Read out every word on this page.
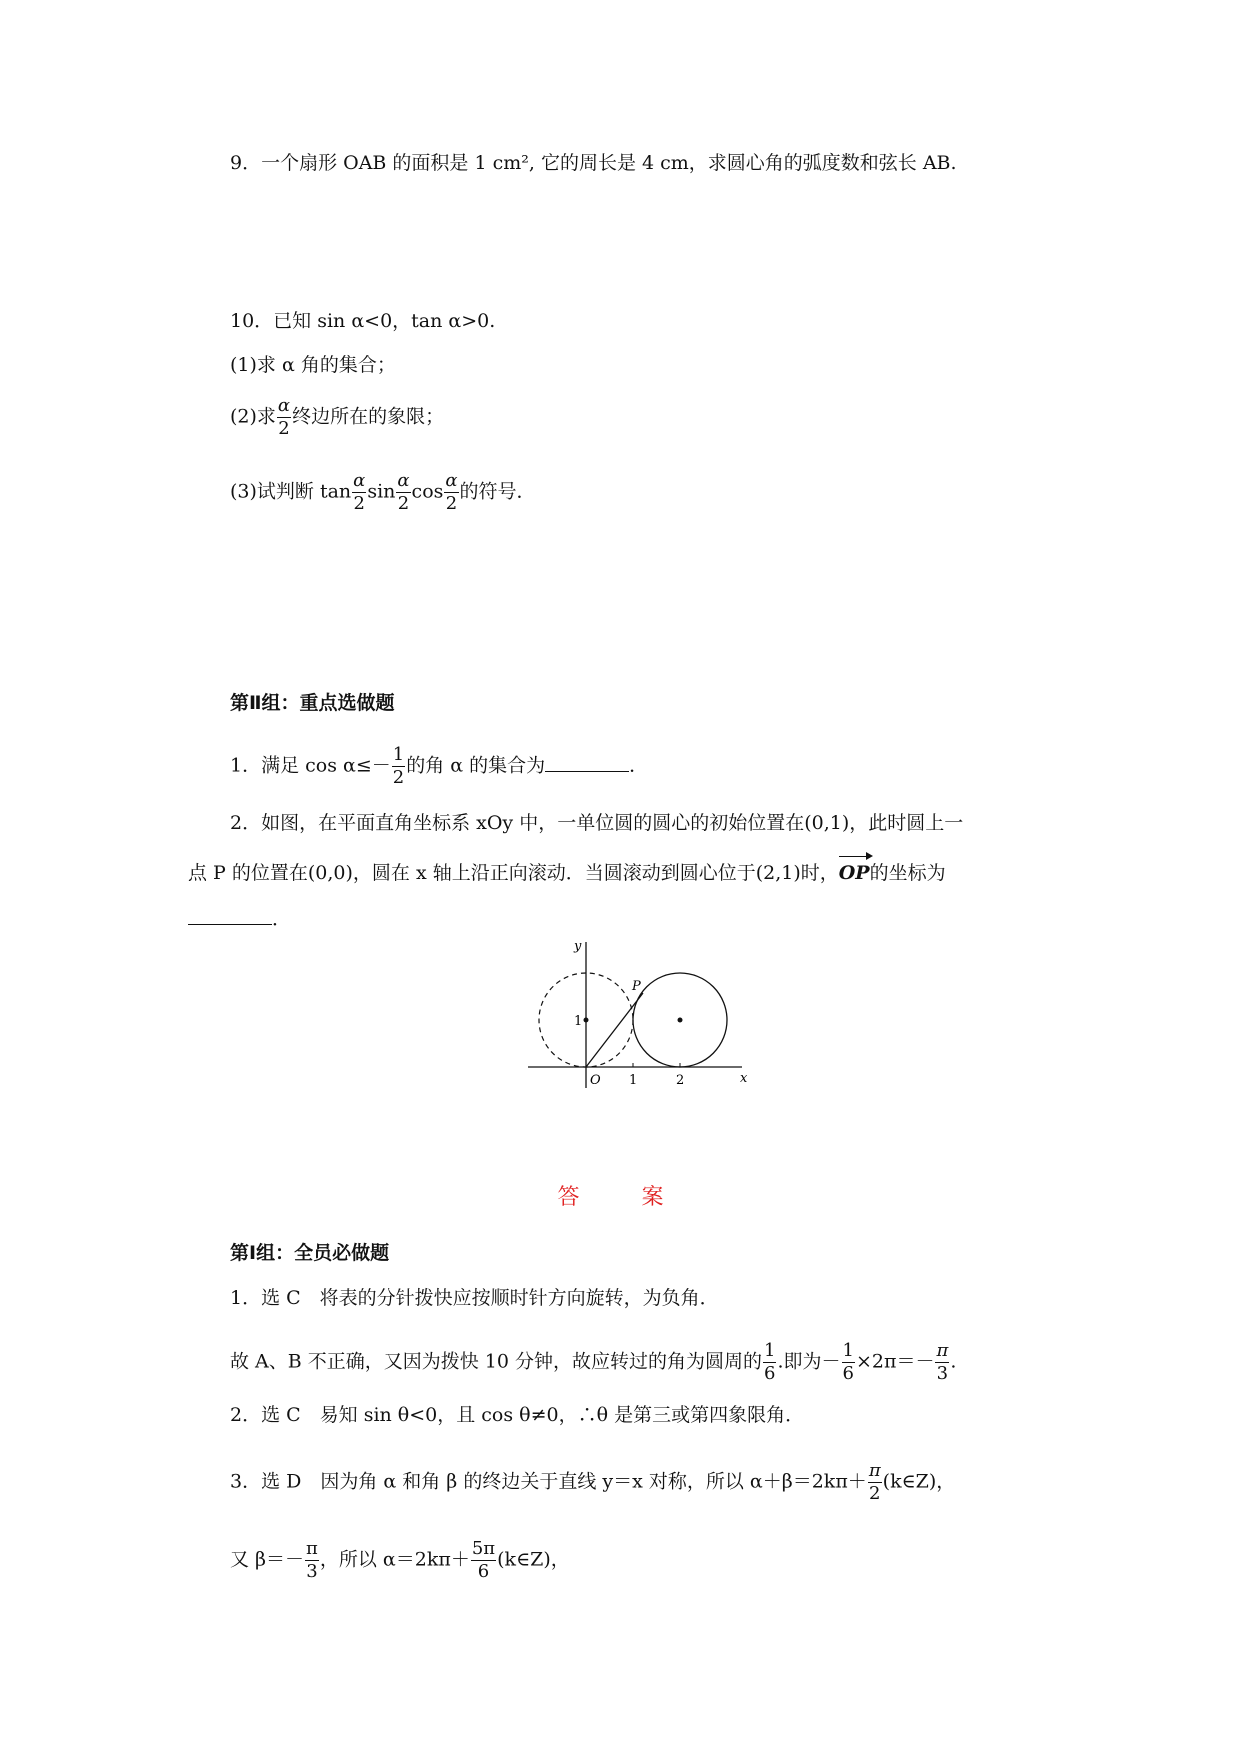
9．一个扇形 OAB 的面积是 1 cm², 它的周长是 4 cm，求圆心角的弧度数和弦长 AB.
10．已知 sin α<0，tan α>0.
(1)求 α 角的集合；
(2)求 $\frac{\alpha}{2}$ 终边所在的象限；
(3)试判断 $\tan \frac{\alpha}{2}$ $\sin \frac{\alpha}{2}$ $\cos \frac{\alpha}{2}$ 的符号．
第Ⅱ组：重点选做题
1．满足 $\cos \alpha\le- \frac{1}{2}$ 的角 α 的集合为	．
2．如图，在平面直角坐标系 xOy 中，一单位圆的圆心的初始位置在(0,1)，此时圆上一
点 P 的位置在(0,0)，圆在 x 轴上沿正向滚动．当圆滚动到圆心位于(2,1)时，OP的坐标为
．
y
x
O 1	2
1
P
答　案
第Ⅰ组：全员必做题
1．选 C　将表的分针拨快应按顺时针方向旋转，为负角．
故 A、B 不正确，又因为拨快 10 分钟，故应转过的角为圆周的 $\frac{1}{6}$ .即为－ $\frac{1}{6} \times 2\pi=- \frac{\pi}{3}$ .
2．选 C　易知 sin θ<0，且 cos θ≠0，∴θ 是第三或第四象限角．
3．选 D　因为角 α 和角 β 的终边关于直线 y＝x 对称，所以 $\alpha+\beta=2k\pi+ \frac{\pi}{2}$ (k∈Z)，
又 $\beta=- \frac{\pi}{3}$ ，所以 $\alpha=2k\pi+ \frac{5\pi}{6}$ (k∈Z)，
